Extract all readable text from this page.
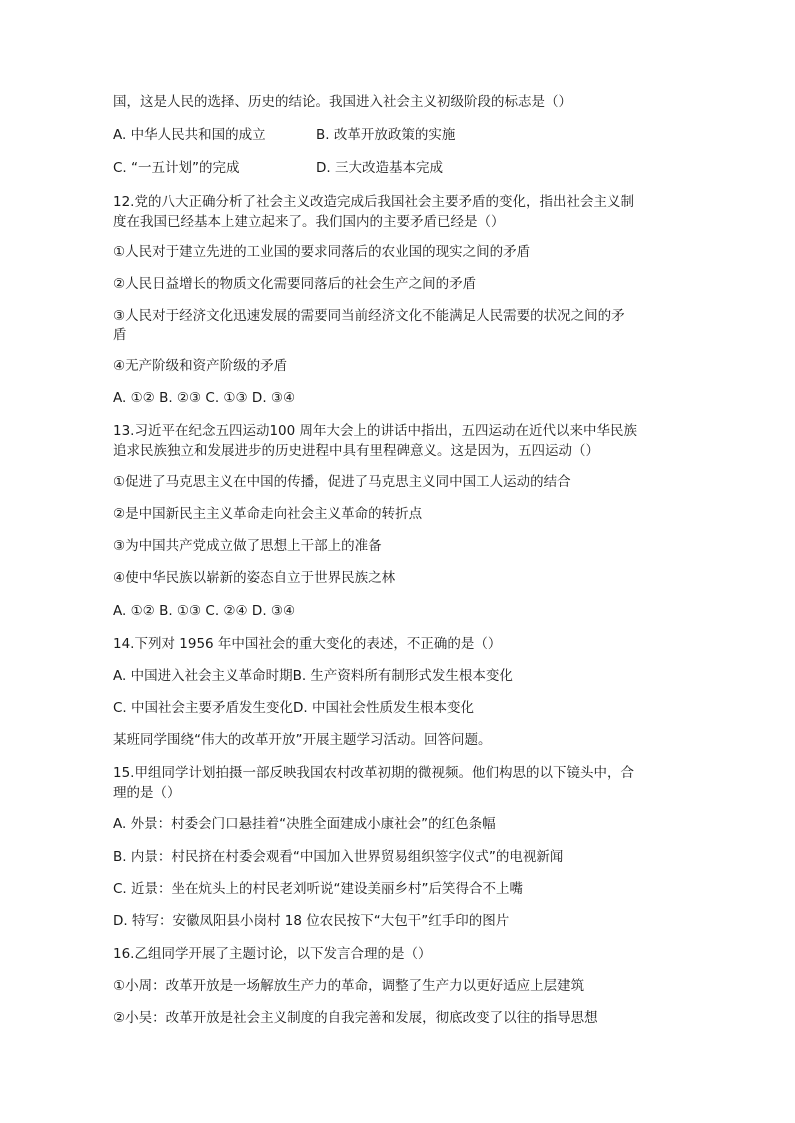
国，这是人民的选择、历史的结论。我国进入社会主义初级阶段的标志是（）
A. 中华人民共和国的成立	B. 改革开放政策的实施
C. “一五计划”的完成	D. 三大改造基本完成
12.党的八大正确分析了社会主义改造完成后我国社会主要矛盾的变化，指出社会主义制
度在我国已经基本上建立起来了。我们国内的主要矛盾已经是（）
①人民对于建立先进的工业国的要求同落后的农业国的现实之间的矛盾
②人民日益增长的物质文化需要同落后的社会生产之间的矛盾
③人民对于经济文化迅速发展的需要同当前经济文化不能满足人民需要的状况之间的矛
盾
④无产阶级和资产阶级的矛盾
A. ①② B. ②③ C. ①③ D. ③④
13.习近平在纪念五四运动100 周年大会上的讲话中指出，五四运动在近代以来中华民族
追求民族独立和发展进步的历史进程中具有里程碑意义。这是因为，五四运动（）
①促进了马克思主义在中国的传播，促进了马克思主义同中国工人运动的结合
②是中国新民主主义革命走向社会主义革命的转折点
③为中国共产党成立做了思想上干部上的准备
④使中华民族以崭新的姿态自立于世界民族之林
A. ①② B. ①③ C. ②④ D. ③④
14.下列对 1956 年中国社会的重大变化的表述，不正确的是（）
A. 中国进入社会主义革命时期B. 生产资料所有制形式发生根本变化
C. 中国社会主要矛盾发生变化D. 中国社会性质发生根本变化
某班同学围绕“伟大的改革开放”开展主题学习活动。回答问题。
15.甲组同学计划拍摄一部反映我国农村改革初期的微视频。他们构思的以下镜头中，合
理的是（）
A. 外景：村委会门口悬挂着“决胜全面建成小康社会”的红色条幅
B. 内景：村民挤在村委会观看“中国加入世界贸易组织签字仪式”的电视新闻
C. 近景：坐在炕头上的村民老刘听说“建设美丽乡村”后笑得合不上嘴
D. 特写：安徽凤阳县小岗村 18 位农民按下“大包干”红手印的图片
16.乙组同学开展了主题讨论，以下发言合理的是（）
①小周：改革开放是一场解放生产力的革命，调整了生产力以更好适应上层建筑
②小吴：改革开放是社会主义制度的自我完善和发展，彻底改变了以往的指导思想
